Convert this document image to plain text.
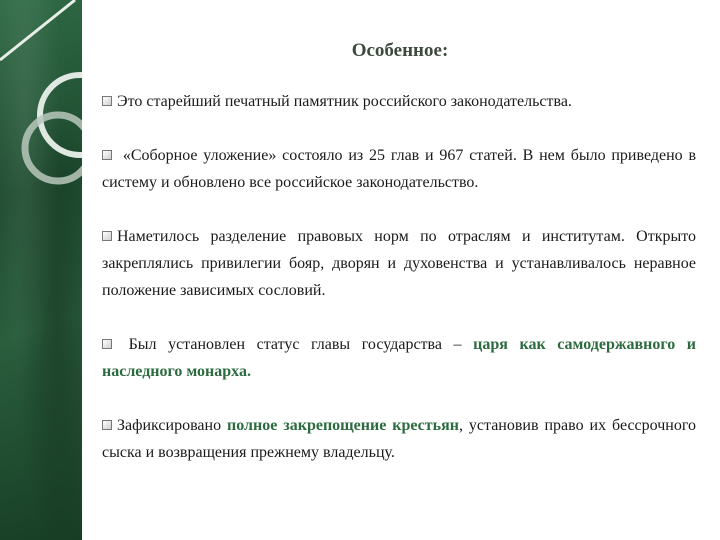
Особенное:

Это старейший печатный памятник российского законодательства.

«Соборное уложение» состояло из 25 глав и 967 статей. В нем было приведено в систему и обновлено все российское законодательство.

Наметилось разделение правовых норм по отраслям и институтам. Открыто закреплялись привилегии бояр, дворян и духовенства и устанавливалось неравное положение зависимых сословий.

Был установлен статус главы государства – царя как самодержавного и наследного монарха.

Зафиксировано полное закрепощение крестьян, установив право их бессрочного сыска и возвращения прежнему владельцу.
